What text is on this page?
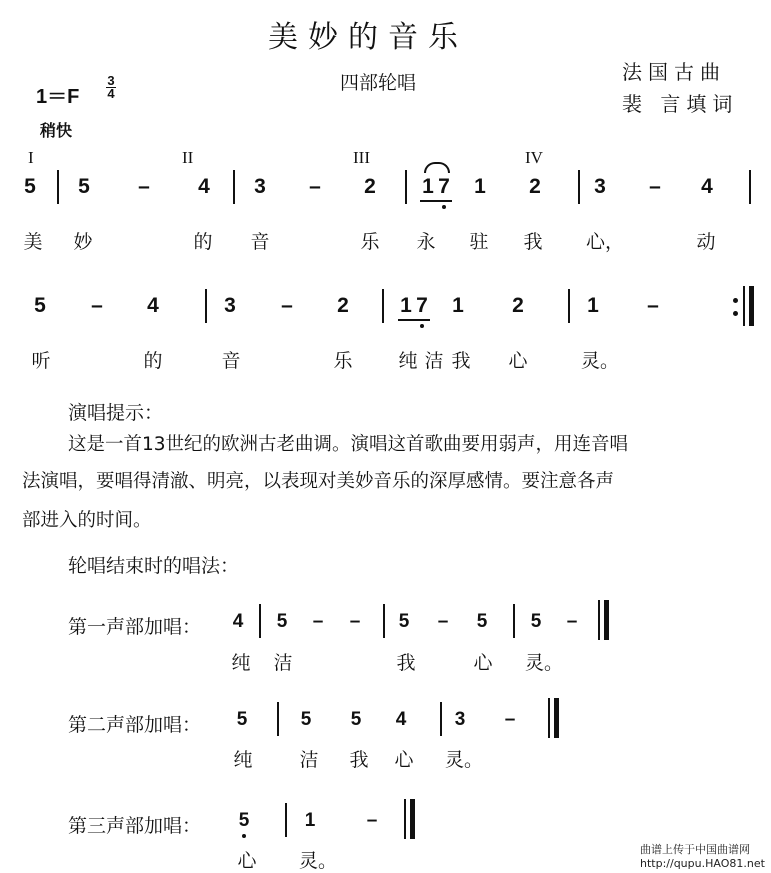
美妙的音乐
四部轮唱	法国古曲
裴 言填词
1＝F
3
4
稍快
I	II	III	IV
5 5 – 4 3 – 2 1 7 1 2	3 – 4
美 妙	的 音	乐 永 驻 我 心，	动
5 – 4	3 – 2 1 7 1 2	1 –
听	的	音	乐 纯 洁 我 心	灵。
演唱提示：
这是一首13世纪的欧洲古老曲调。演唱这首歌曲要用弱声，用连音唱
法演唱，要唱得清澈、明亮，以表现对美妙音乐的深厚感情。要注意各声
部进入的时间。
轮唱结束时的唱法：
第一声部加唱： 4 5 – – 5 – 5 5 –
纯 洁	我	心 灵。
第二声部加唱： 5	5 5 4	3 –
纯 洁 我 心 灵。
第三声部加唱： 5	1	–
心 灵。
曲谱上传于中国曲谱网
http://qupu.HAO81.net
